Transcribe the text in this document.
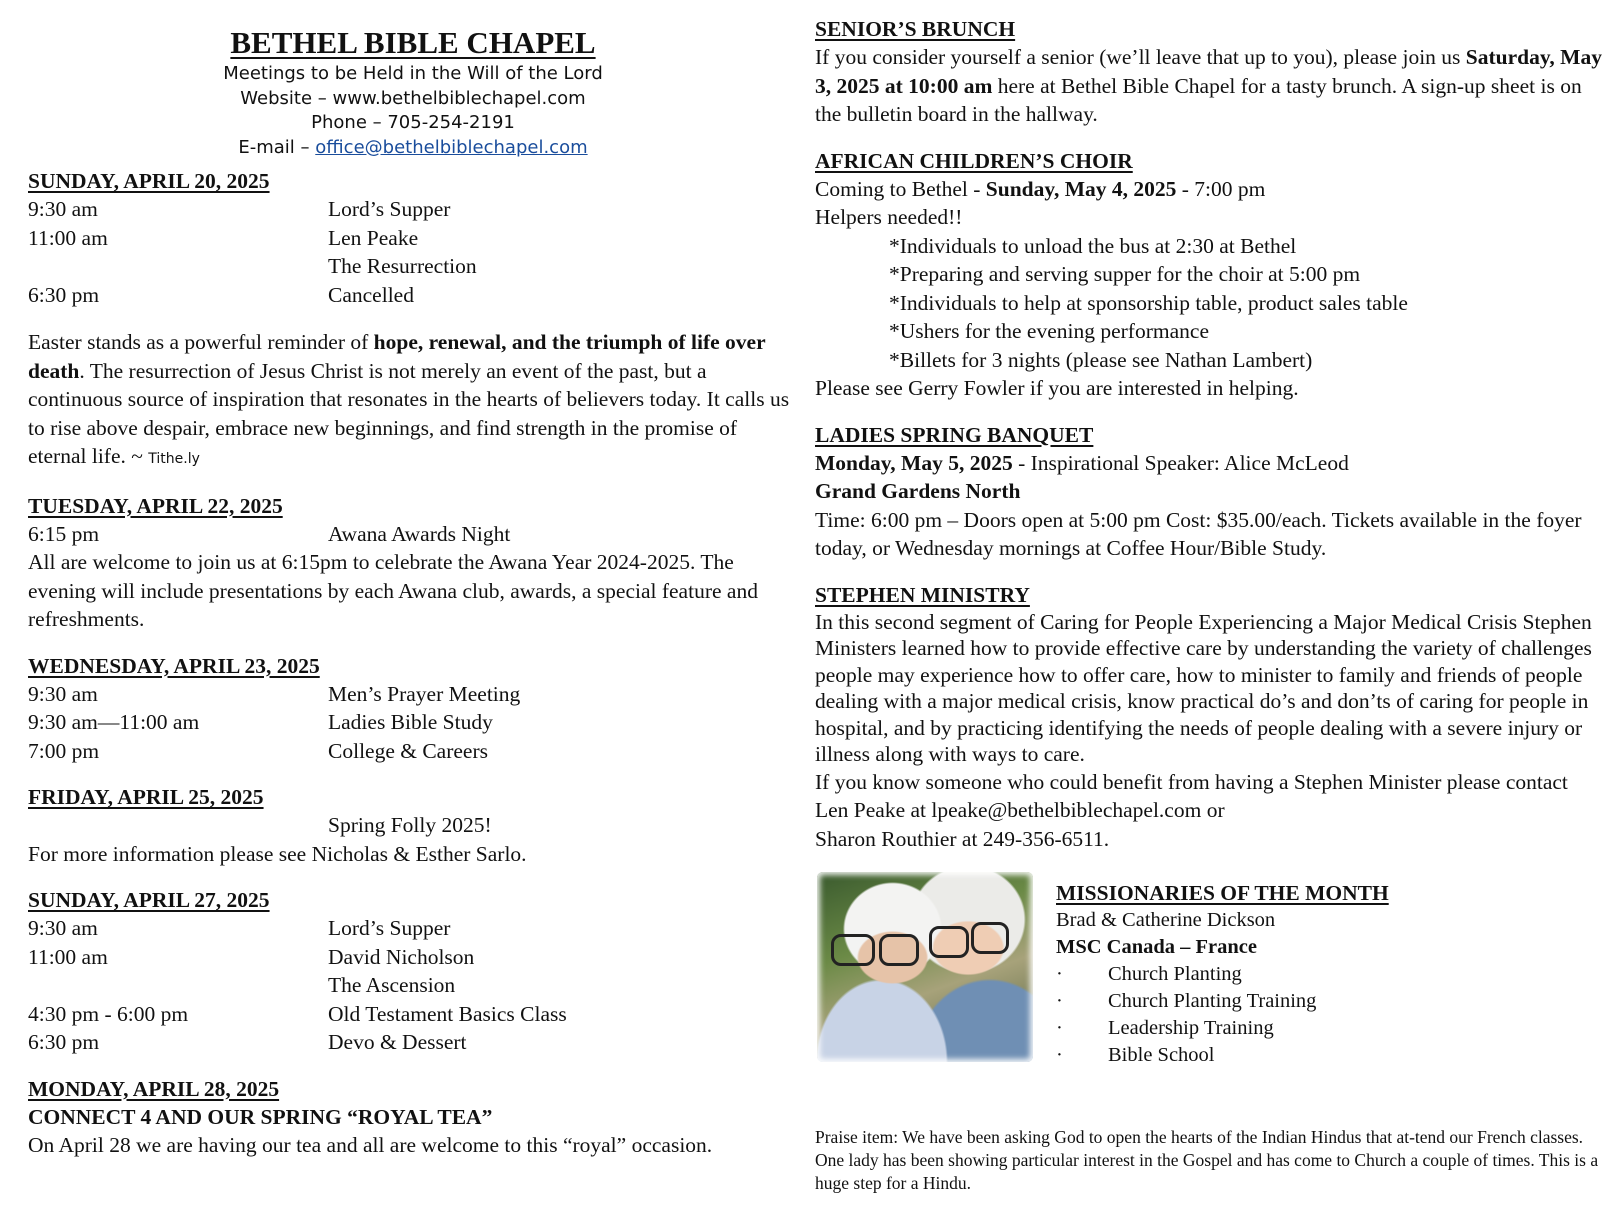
BETHEL BIBLE CHAPEL
Meetings to be Held in the Will of the Lord
Website – www.bethelbiblechapel.com
Phone – 705-254-2191
E-mail – office@bethelbiblechapel.com
SUNDAY, APRIL 20, 2025
9:30 am	Lord’s Supper
11:00 am	Len Peake
The Resurrection
6:30 pm	Cancelled
Easter stands as a powerful reminder of hope, renewal, and the triumph of life over death. The resurrection of Jesus Christ is not merely an event of the past, but a continuous source of inspiration that resonates in the hearts of believers today. It calls us to rise above despair, embrace new beginnings, and find strength in the promise of eternal life. ~ Tithe.ly
TUESDAY, APRIL 22, 2025
6:15 pm	Awana Awards Night
All are welcome to join us at 6:15pm to celebrate the Awana Year 2024-2025. The evening will include presentations by each Awana club, awards, a special feature and refreshments.
WEDNESDAY, APRIL 23, 2025
9:30 am	Men’s Prayer Meeting
9:30 am—11:00 am	Ladies Bible Study
7:00 pm	College & Careers
FRIDAY, APRIL 25, 2025
Spring Folly 2025!
For more information please see Nicholas & Esther Sarlo.
SUNDAY, APRIL 27, 2025
9:30 am	Lord’s Supper
11:00 am	David Nicholson
The Ascension
4:30 pm - 6:00 pm	Old Testament Basics Class
6:30 pm	Devo & Dessert
MONDAY, APRIL 28, 2025
CONNECT 4 AND OUR SPRING “ROYAL TEA”
On April 28 we are having our tea and all are welcome to this “royal” occasion.
SENIOR’S BRUNCH
If you consider yourself a senior (we’ll leave that up to you), please join us Saturday, May 3, 2025 at 10:00 am here at Bethel Bible Chapel for a tasty brunch. A sign-up sheet is on the bulletin board in the hallway.
AFRICAN CHILDREN’S CHOIR
Coming to Bethel - Sunday, May 4, 2025 - 7:00 pm
Helpers needed!!
*Individuals to unload the bus at 2:30 at Bethel
*Preparing and serving supper for the choir at 5:00 pm
*Individuals to help at sponsorship table, product sales table
*Ushers for the evening performance
*Billets for 3 nights (please see Nathan Lambert)
Please see Gerry Fowler if you are interested in helping.
LADIES SPRING BANQUET
Monday, May 5, 2025 - Inspirational Speaker: Alice McLeod
Grand Gardens North
Time: 6:00 pm – Doors open at 5:00 pm Cost: $35.00/each. Tickets available in the foyer today, or Wednesday mornings at Coffee Hour/Bible Study.
STEPHEN MINISTRY
In this second segment of Caring for People Experiencing a Major Medical Crisis Stephen Ministers learned how to provide effective care by understanding the variety of challenges people may experience how to offer care, how to minister to family and friends of people dealing with a major medical crisis, know practical do’s and don’ts of caring for people in hospital, and by practicing identifying the needs of people dealing with a severe injury or illness along with ways to care.
If you know someone who could benefit from having a Stephen Minister please contact Len Peake at lpeake@bethelbiblechapel.com or
Sharon Routhier at 249-356-6511.
MISSIONARIES OF THE MONTH
Brad & Catherine Dickson
MSC Canada – France
·	Church Planting
·	Church Planting Training
·	Leadership Training
·	Bible School
Praise item: We have been asking God to open the hearts of the Indian Hindus that at-tend our French classes. One lady has been showing particular interest in the Gospel and has come to Church a couple of times. This is a huge step for a Hindu.
